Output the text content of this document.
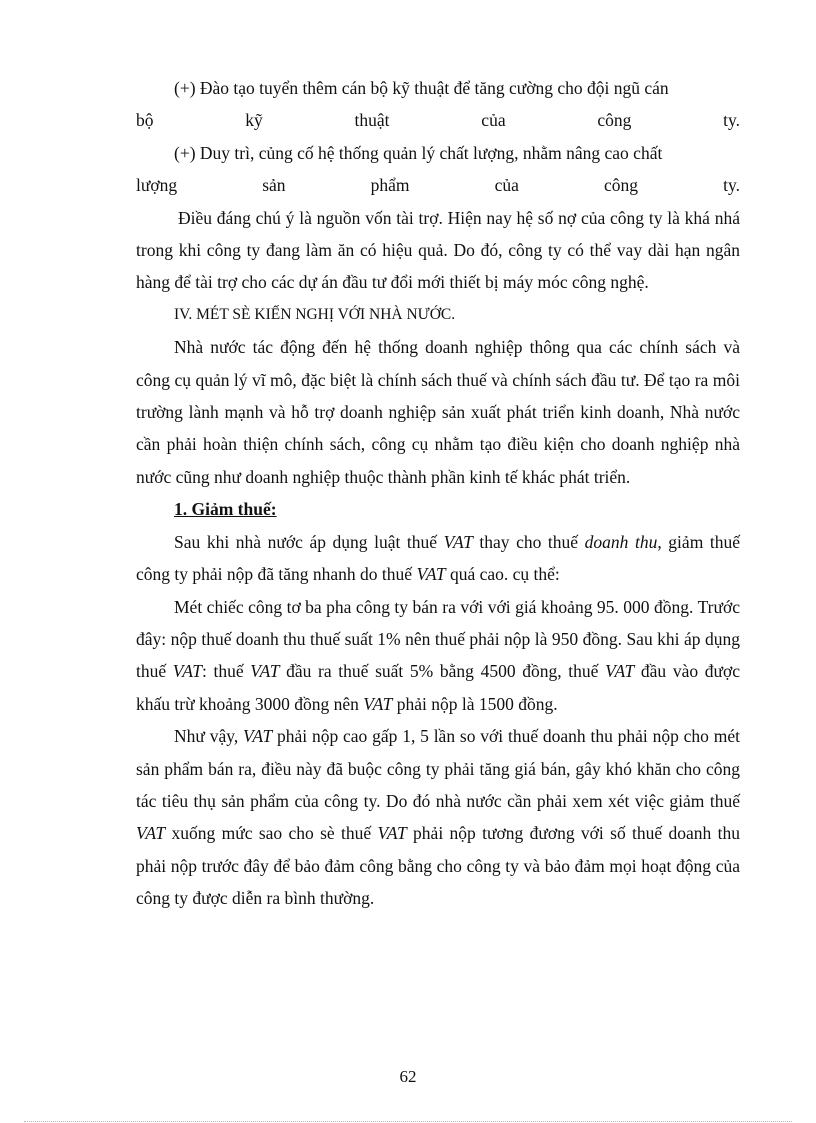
(+) Đào tạo tuyển thêm cán bộ kỹ thuật để tăng cường cho đội ngũ cán

bộ kỹ thuật của công ty.

(+) Duy trì, củng cố hệ thống quản lý chất lượng, nhằm nâng cao chất

lượng sản phẩm của công ty.

Điều đáng chú ý là nguồn vốn tài trợ. Hiện nay hệ số nợ của công ty là khá nhá trong khi công ty đang làm ăn có hiệu quả. Do đó, công ty có thể vay dài hạn ngân hàng để tài trợ cho các dự án đầu tư đổi mới thiết bị máy móc công nghệ.

IV. MÉT SÈ KIẾN NGHỊ VỚI NHÀ NƯỚC.

Nhà nước tác động đến hệ thống doanh nghiệp thông qua các chính sách và công cụ quản lý vĩ mô, đặc biệt là chính sách thuế và chính sách đầu tư. Để tạo ra môi trường lành mạnh và hỗ trợ doanh nghiệp sản xuất phát triển kinh doanh, Nhà nước cần phải hoàn thiện chính sách, công cụ nhằm tạo điều kiện cho doanh nghiệp nhà nước cũng như doanh nghiệp thuộc thành phần kinh tế khác phát triển.

1. Giảm thuế:

Sau khi nhà nước áp dụng luật thuế VAT thay cho thuế doanh thu, giảm thuế công ty phải nộp đã tăng nhanh do thuế VAT quá cao. cụ thể:

Mét chiếc công tơ ba pha công ty bán ra với với giá khoảng 95. 000 đồng. Trước đây: nộp thuế doanh thu thuế suất 1% nên thuế phải nộp là 950 đồng. Sau khi áp dụng thuế VAT: thuế VAT đầu ra thuế suất 5% bằng 4500 đồng, thuế VAT đầu vào được khấu trừ khoảng 3000 đồng nên VAT phải nộp là 1500 đồng.

Như vậy, VAT phải nộp cao gấp 1, 5 lần so với thuế doanh thu phải nộp cho mét sản phẩm bán ra, điều này đã buộc công ty phải tăng giá bán, gây khó khăn cho công tác tiêu thụ sản phẩm của công ty. Do đó nhà nước cần phải xem xét việc giảm thuế VAT xuống mức sao cho sè thuế VAT phải nộp tương đương với số thuế doanh thu phải nộp trước đây để bảo đảm công bằng cho công ty và bảo đảm mọi hoạt động của công ty được diễn ra bình thường.

62
